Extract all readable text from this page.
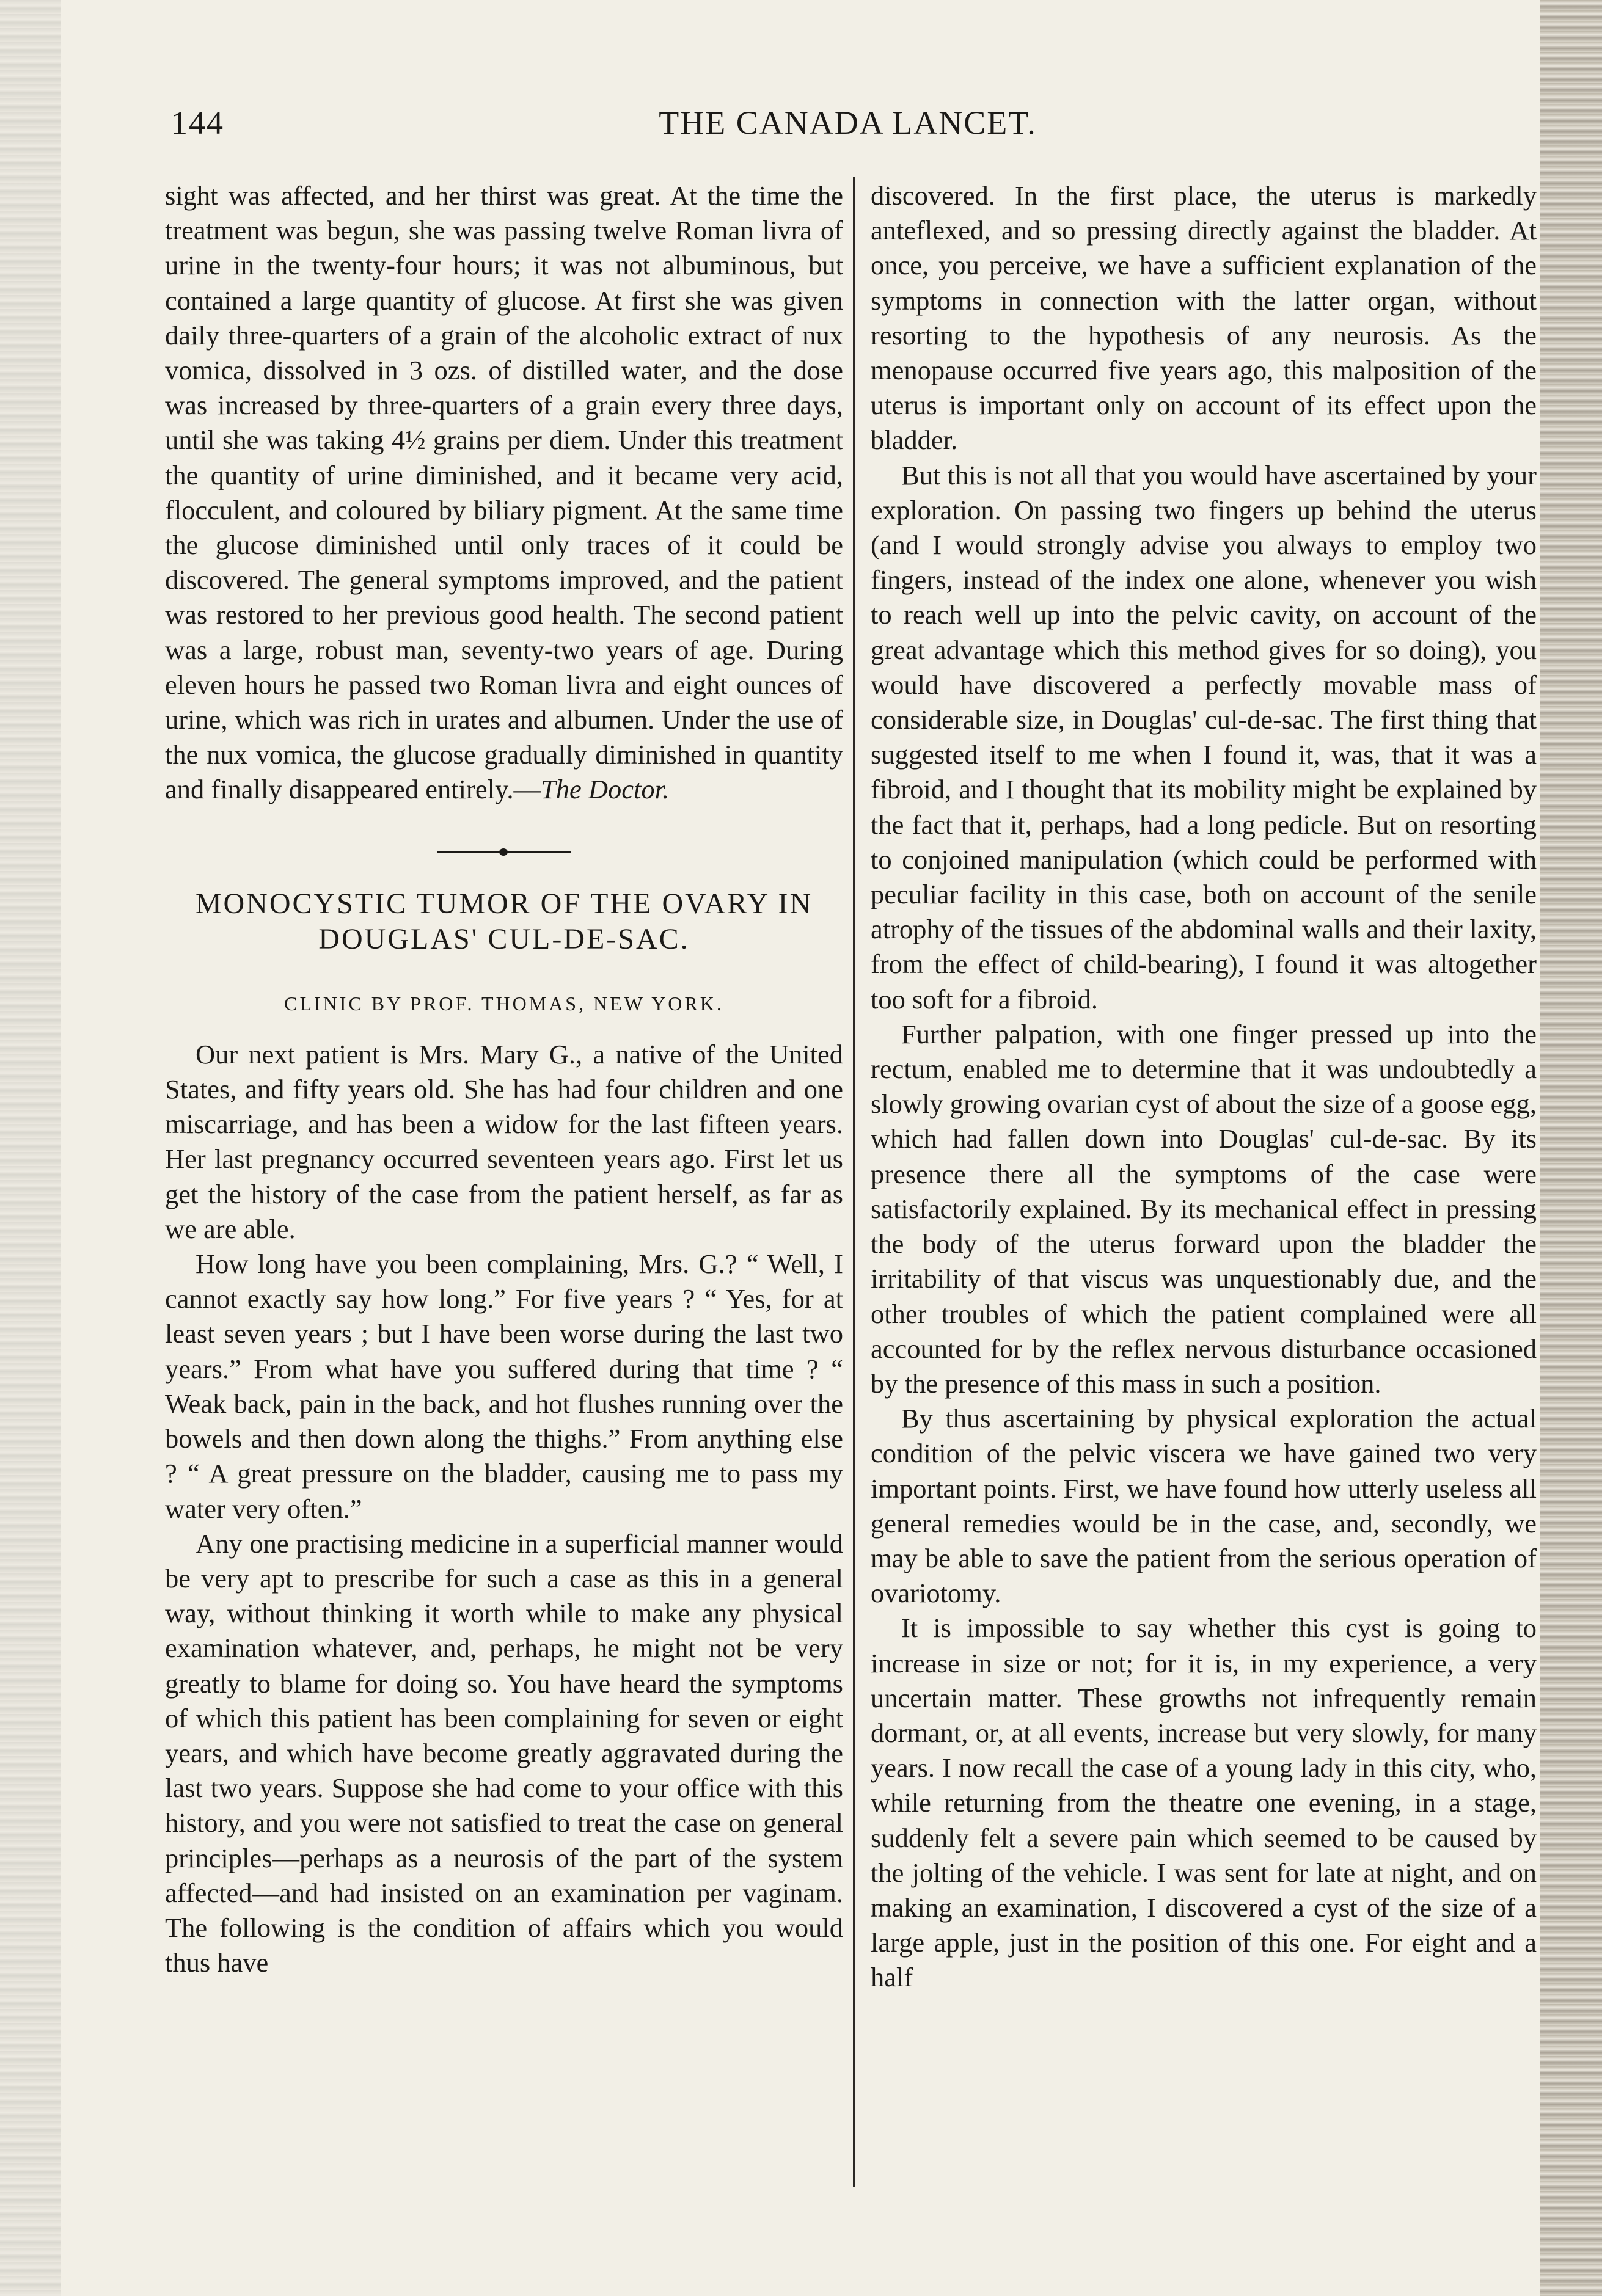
144	THE CANADA LANCET.

sight was affected, and her thirst was great. At the time the treatment was begun, she was passing twelve Roman livra of urine in the twenty-four hours; it was not albuminous, but contained a large quantity of glucose. At first she was given daily three-quarters of a grain of the alcoholic extract of nux vomica, dissolved in 3 ozs. of distilled water, and the dose was increased by three-quarters of a grain every three days, until she was taking 4½ grains per diem. Under this treatment the quantity of urine diminished, and it became very acid, flocculent, and coloured by biliary pigment. At the same time the glucose diminished until only traces of it could be discovered. The general symptoms improved, and the patient was restored to her previous good health. The second patient was a large, robust man, seventy-two years of age. During eleven hours he passed two Roman livra and eight ounces of urine, which was rich in urates and albumen. Under the use of the nux vomica, the glucose gradually diminished in quantity and finally disappeared entirely.—The Doctor.

MONOCYSTIC TUMOR OF THE OVARY IN DOUGLAS' CUL-DE-SAC.
CLINIC BY PROF. THOMAS, NEW YORK.

Our next patient is Mrs. Mary G., a native of the United States, and fifty years old. She has had four children and one miscarriage, and has been a widow for the last fifteen years. Her last pregnancy occurred seventeen years ago. First let us get the history of the case from the patient herself, as far as we are able.

How long have you been complaining, Mrs. G.? “ Well, I cannot exactly say how long.” For five years ? “ Yes, for at least seven years ; but I have been worse during the last two years.” From what have you suffered during that time ? “ Weak back, pain in the back, and hot flushes running over the bowels and then down along the thighs.” From anything else ? “ A great pressure on the bladder, causing me to pass my water very often.”

Any one practising medicine in a superficial manner would be very apt to prescribe for such a case as this in a general way, without thinking it worth while to make any physical examination whatever, and, perhaps, he might not be very greatly to blame for doing so. You have heard the symptoms of which this patient has been complaining for seven or eight years, and which have become greatly aggravated during the last two years. Suppose she had come to your office with this history, and you were not satisfied to treat the case on general principles—perhaps as a neurosis of the part of the system affected—and had insisted on an examination per vaginam. The following is the condition of affairs which you would thus have

discovered. In the first place, the uterus is markedly anteflexed, and so pressing directly against the bladder. At once, you perceive, we have a sufficient explanation of the symptoms in connection with the latter organ, without resorting to the hypothesis of any neurosis. As the menopause occurred five years ago, this malposition of the uterus is important only on account of its effect upon the bladder.

But this is not all that you would have ascertained by your exploration. On passing two fingers up behind the uterus (and I would strongly advise you always to employ two fingers, instead of the index one alone, whenever you wish to reach well up into the pelvic cavity, on account of the great advantage which this method gives for so doing), you would have discovered a perfectly movable mass of considerable size, in Douglas' cul-de-sac. The first thing that suggested itself to me when I found it, was, that it was a fibroid, and I thought that its mobility might be explained by the fact that it, perhaps, had a long pedicle. But on resorting to conjoined manipulation (which could be performed with peculiar facility in this case, both on account of the senile atrophy of the tissues of the abdominal walls and their laxity, from the effect of child-bearing), I found it was altogether too soft for a fibroid.

Further palpation, with one finger pressed up into the rectum, enabled me to determine that it was undoubtedly a slowly growing ovarian cyst of about the size of a goose egg, which had fallen down into Douglas' cul-de-sac. By its presence there all the symptoms of the case were satisfactorily explained. By its mechanical effect in pressing the body of the uterus forward upon the bladder the irritability of that viscus was unquestionably due, and the other troubles of which the patient complained were all accounted for by the reflex nervous disturbance occasioned by the presence of this mass in such a position.

By thus ascertaining by physical exploration the actual condition of the pelvic viscera we have gained two very important points. First, we have found how utterly useless all general remedies would be in the case, and, secondly, we may be able to save the patient from the serious operation of ovariotomy.

It is impossible to say whether this cyst is going to increase in size or not; for it is, in my experience, a very uncertain matter. These growths not infrequently remain dormant, or, at all events, increase but very slowly, for many years. I now recall the case of a young lady in this city, who, while returning from the theatre one evening, in a stage, suddenly felt a severe pain which seemed to be caused by the jolting of the vehicle. I was sent for late at night, and on making an examination, I discovered a cyst of the size of a large apple, just in the position of this one. For eight and a half
